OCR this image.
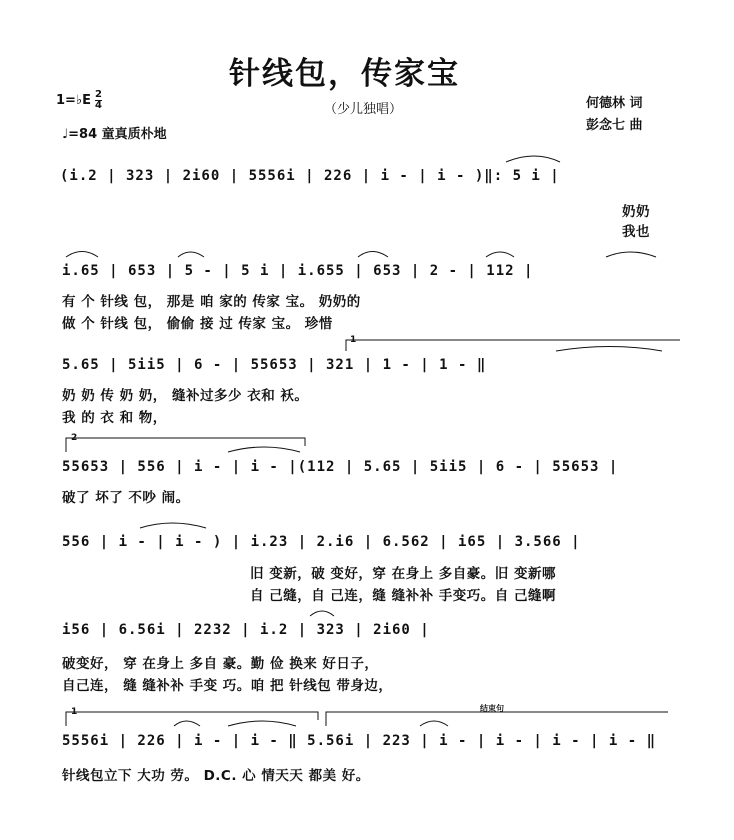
针线包，传家宝
（少儿独唱）
1=♭E 2
4
♩=84 童真质朴地
何德林 词
彭念七 曲
(i.2 | 323 | 2i60 | 5556i | 226 | i - | i - )‖: 5 i |
奶奶
我也
i.65 | 653 | 5 - | 5 i | i.655 | 653 | 2 - | 112 |
有 个 针线 包， 那是 咱 家的 传家 宝。 奶奶的
做 个 针线 包， 偷偷 接 过 传家 宝。 珍惜
5.65 | 5ii5 | 6 - | 55653 | 321 | 1 - | 1 - ‖
奶 奶 传 奶 奶， 缝补过多少 衣和 袄。
我 的 衣 和 物，
55653 | 556 | i - | i - |(112 | 5.65 | 5ii5 | 6 - | 55653 |
破了 坏了 不吵 闹。
556 | i - | i - ) | i.23 | 2.i6 | 6.562 | i65 | 3.566 |
旧 变新，破 变好，穿 在身上 多自豪。旧 变新哪
自 己缝，自 己连，缝 缝补补 手变巧。自 己缝啊
i56 | 6.56i | 2232 | i.2 | 323 | 2i60 |
破变好， 穿 在身上 多自 豪。勤 俭 换来 好日子，
自己连， 缝 缝补补 手变 巧。咱 把 针线包 带身边，
5556i | 226 | i - | i - ‖ 5.56i | 223 | i - | i - | i - | i - ‖
针线包立下 大功 劳。 D.C. 心 情天天 都美 好。
1
2
1	结束句
